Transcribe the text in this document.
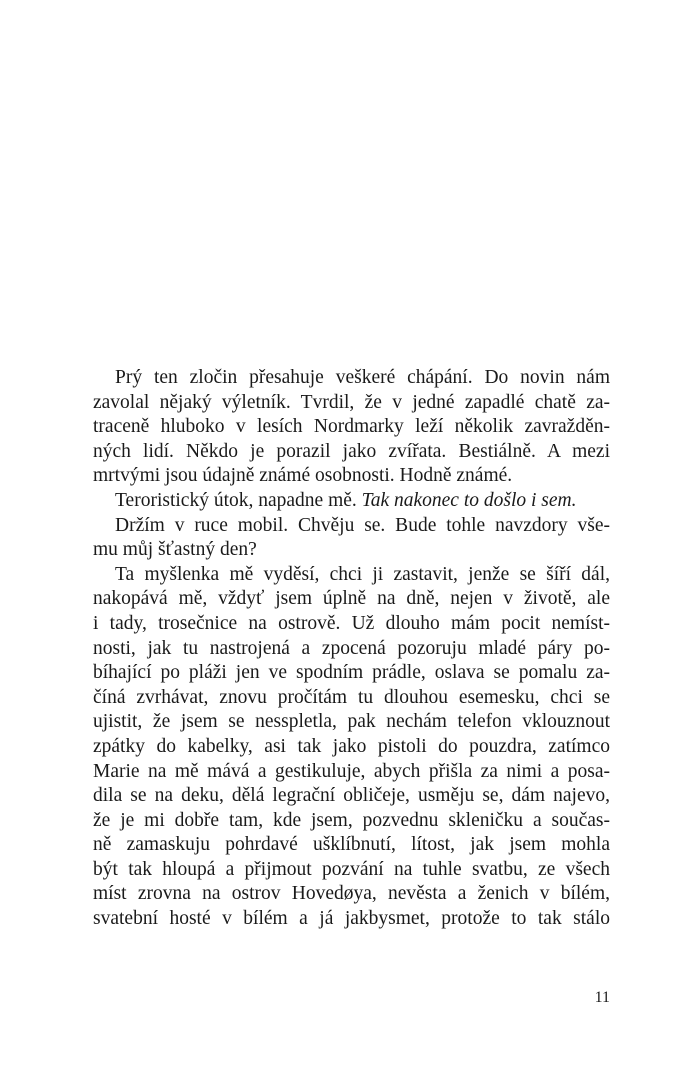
Prý ten zločin přesahuje veškeré chápání. Do novin nám
zavolal nějaký výletník. Tvrdil, že v jedné zapadlé chatě za-
traceně hluboko v lesích Nordmarky leží několik zavražděn-
ných lidí. Někdo je porazil jako zvířata. Bestiálně. A mezi
mrtvými jsou údajně známé osobnosti. Hodně známé.
Teroristický útok, napadne mě. Tak nakonec to došlo i sem.
Držím v ruce mobil. Chvěju se. Bude tohle navzdory vše-
mu můj šťastný den?
Ta myšlenka mě vyděsí, chci ji zastavit, jenže se šíří dál,
nakopává mě, vždyť jsem úplně na dně, nejen v životě, ale
i tady, trosečnice na ostrově. Už dlouho mám pocit nemíst-
nosti, jak tu nastrojená a zpocená pozoruju mladé páry po-
bíhající po pláži jen ve spodním prádle, oslava se pomalu za-
číná zvrhávat, znovu pročítám tu dlouhou esemesku, chci se
ujistit, že jsem se nesspletla, pak nechám telefon vklouznout
zpátky do kabelky, asi tak jako pistoli do pouzdra, zatímco
Marie na mě mává a gestikuluje, abych přišla za nimi a posa-
dila se na deku, dělá legrační obličeje, usměju se, dám najevo,
že je mi dobře tam, kde jsem, pozvednu skleničku a součas-
ně zamaskuju pohrdavé ušklíbnutí, lítost, jak jsem mohla
být tak hloupá a přijmout pozvání na tuhle svatbu, ze všech
míst zrovna na ostrov Hovedøya, nevěsta a ženich v bílém,
svatební hosté v bílém a já jakbysmet, protože to tak stálo
11
